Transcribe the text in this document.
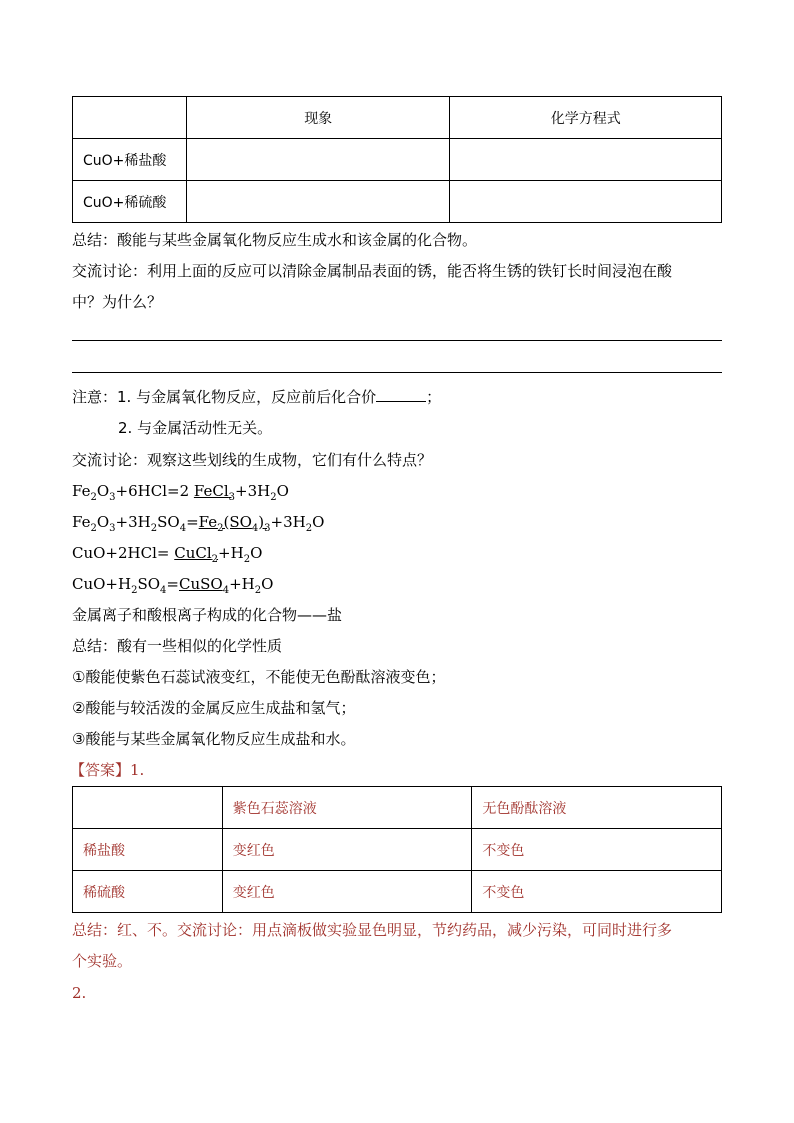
	现象	化学方程式
CuO+稀盐酸		
CuO+稀硫酸		
总结：酸能与某些金属氧化物反应生成水和该金属的化合物。
交流讨论：利用上面的反应可以清除金属制品表面的锈，能否将生锈的铁钉长时间浸泡在酸
中？为什么？
注意：1. 与金属氧化物反应，反应前后化合价	；
2. 与金属活动性无关。
交流讨论：观察这些划线的生成物，它们有什么特点？
$Fe_2O_3+6HCl=2$ $FeCl_3+3H_2O$
$Fe_2O_3+3H_2SO_4=Fe_2(SO_4)_3+3H_2O$
$CuO+2HCl= CuCl_2+H_2O$
$CuO+H_2SO_4=CuSO_4+H_2O$
金属离子和酸根离子构成的化合物——盐
总结：酸有一些相似的化学性质
①酸能使紫色石蕊试液变红，不能使无色酚酞溶液变色；
②酸能与较活泼的金属反应生成盐和氢气；
③酸能与某些金属氧化物反应生成盐和水。
【答案】1.
	紫色石蕊溶液	无色酚酞溶液
稀盐酸	变红色	不变色
稀硫酸	变红色	不变色
总结：红、不。交流讨论：用点滴板做实验显色明显，节约药品，减少污染，可同时进行多
个实验。
2.
